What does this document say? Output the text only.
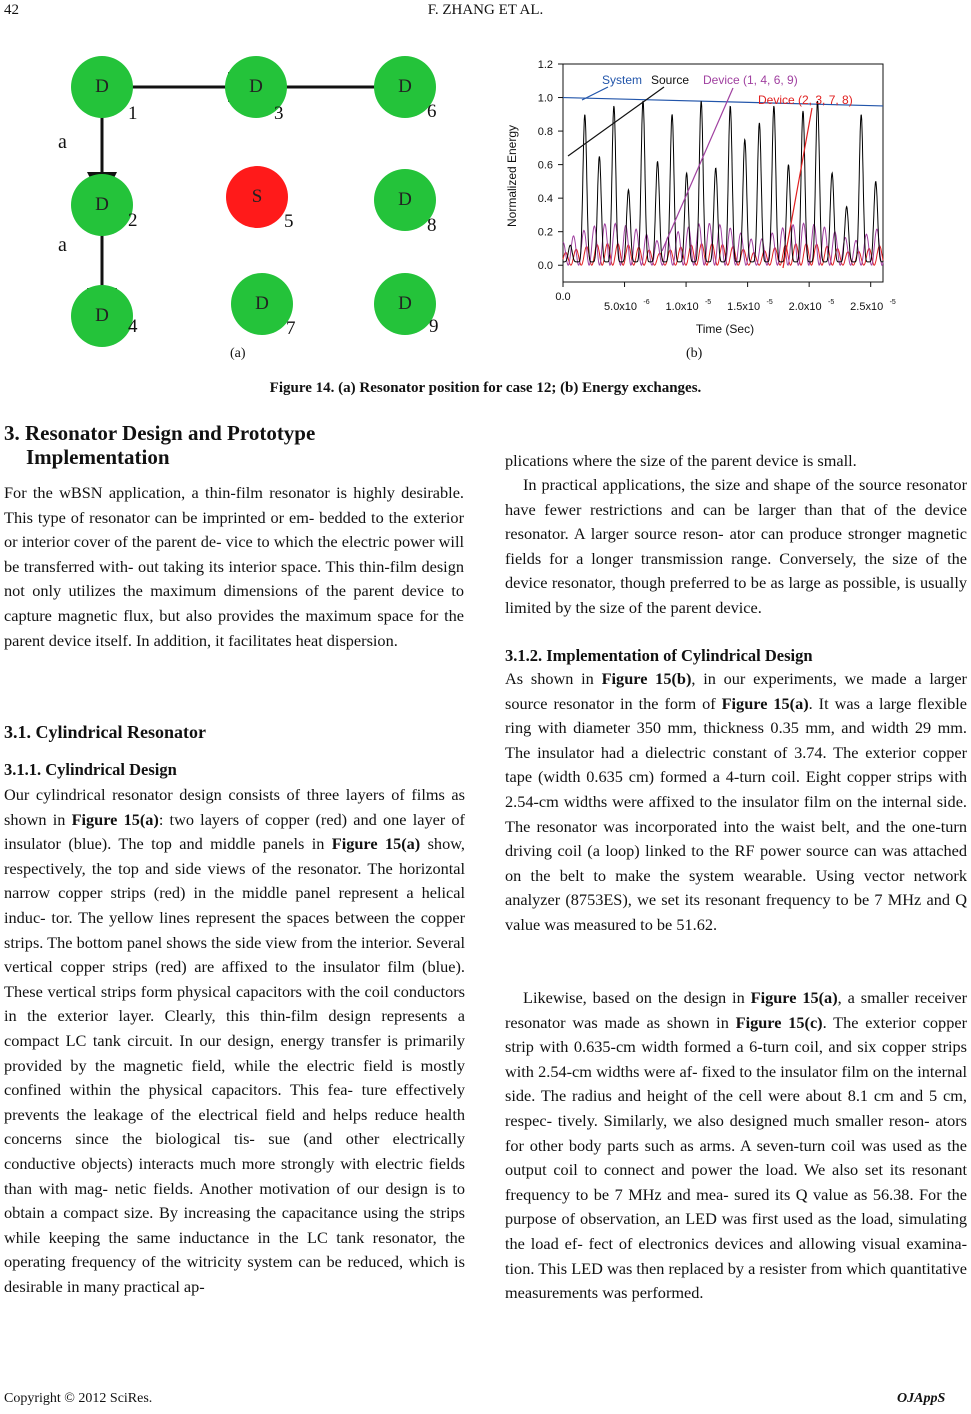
42	F. ZHANG ET AL.
D	D	D
D	S	D
D
D	D
1	3	6
2	5	8
4	7	9
a
a
(a)
0.0
0.2
0.4
0.6
0.8
1.0
1.2
0.0
5.0x10 -6 1.0x10 -5 1.5x10 -5 2.0x10 -5 2.5x10 -5
Time (Sec)
Normalized Energy
System Source Device (1, 4, 6, 9)
Device (2, 3, 7, 8)
(b)
Figure 14. (a) Resonator position for case 12; (b) Energy exchanges.
3. Resonator Design and Prototype
Implementation

For the wBSN application, a thin-film resonator is highly desirable. This type of resonator can be imprinted or em- bedded to the exterior or interior cover of the parent de- vice to which the electric power will be transferred with- out taking its interior space. This thin-film design not only utilizes the maximum dimensions of the parent device to capture magnetic flux, but also provides the maximum space for the parent device itself. In addition, it facilitates heat dispersion.

3.1. Cylindrical Resonator
3.1.1. Cylindrical Design

Our cylindrical resonator design consists of three layers of films as shown in Figure 15(a): two layers of copper (red) and one layer of insulator (blue). The top and middle panels in Figure 15(a) show, respectively, the top and side views of the resonator. The horizontal narrow copper strips (red) in the middle panel represent a helical induc- tor. The yellow lines represent the spaces between the copper strips. The bottom panel shows the side view from the interior. Several vertical copper strips (red) are affixed to the insulator film (blue). These vertical strips form physical capacitors with the coil conductors in the exterior layer. Clearly, this thin-film design represents a compact LC tank circuit. In our design, energy transfer is primarily provided by the magnetic field, while the electric field is mostly confined within the physical capacitors. This fea- ture effectively prevents the leakage of the electrical field and helps reduce health concerns since the biological tis- sue (and other electrically conductive objects) interacts much more strongly with electric fields than with mag- netic fields. Another motivation of our design is to obtain a compact size. By increasing the capacitance using the strips while keeping the same inductance in the LC tank resonator, the operating frequency of the witricity system can be reduced, which is desirable in many practical ap-

plications where the size of the parent device is small.

In practical applications, the size and shape of the source resonator have fewer restrictions and can be larger than that of the device resonator. A larger source reson- ator can produce stronger magnetic fields for a longer transmission range. Conversely, the size of the device resonator, though preferred to be as large as possible, is usually limited by the size of the parent device.

3.1.2. Implementation of Cylindrical Design

As shown in Figure 15(b), in our experiments, we made a larger source resonator in the form of Figure 15(a). It was a large flexible ring with diameter 350 mm, thickness 0.35 mm, and width 29 mm. The insulator had a dielectric constant of 3.74. The exterior copper tape (width 0.635 cm) formed a 4-turn coil. Eight copper strips with 2.54-cm widths were affixed to the insulator film on the internal side. The resonator was incorporated into the waist belt, and the one-turn driving coil (a loop) linked to the RF power source can was attached on the belt to make the system wearable. Using vector network analyzer (8753ES), we set its resonant frequency to be 7 MHz and Q value was measured to be 51.62.

Likewise, based on the design in Figure 15(a), a smaller receiver resonator was made as shown in Figure 15(c). The exterior copper strip with 0.635-cm width formed a 6-turn coil, and six copper strips with 2.54-cm widths were af- fixed to the insulator film on the internal side. The radius and height of the cell were about 8.1 cm and 5 cm, respec- tively. Similarly, we also designed much smaller reson- ators for other body parts such as arms. A seven-turn coil was used as the output coil to connect and power the load. We also set its resonant frequency to be 7 MHz and mea- sured its Q value as 56.38. For the purpose of observation, an LED was first used as the load, simulating the load ef- fect of electronics devices and allowing visual examina- tion. This LED was then replaced by a resister from which quantitative measurements was performed.

Copyright © 2012 SciRes.	OJAppS
